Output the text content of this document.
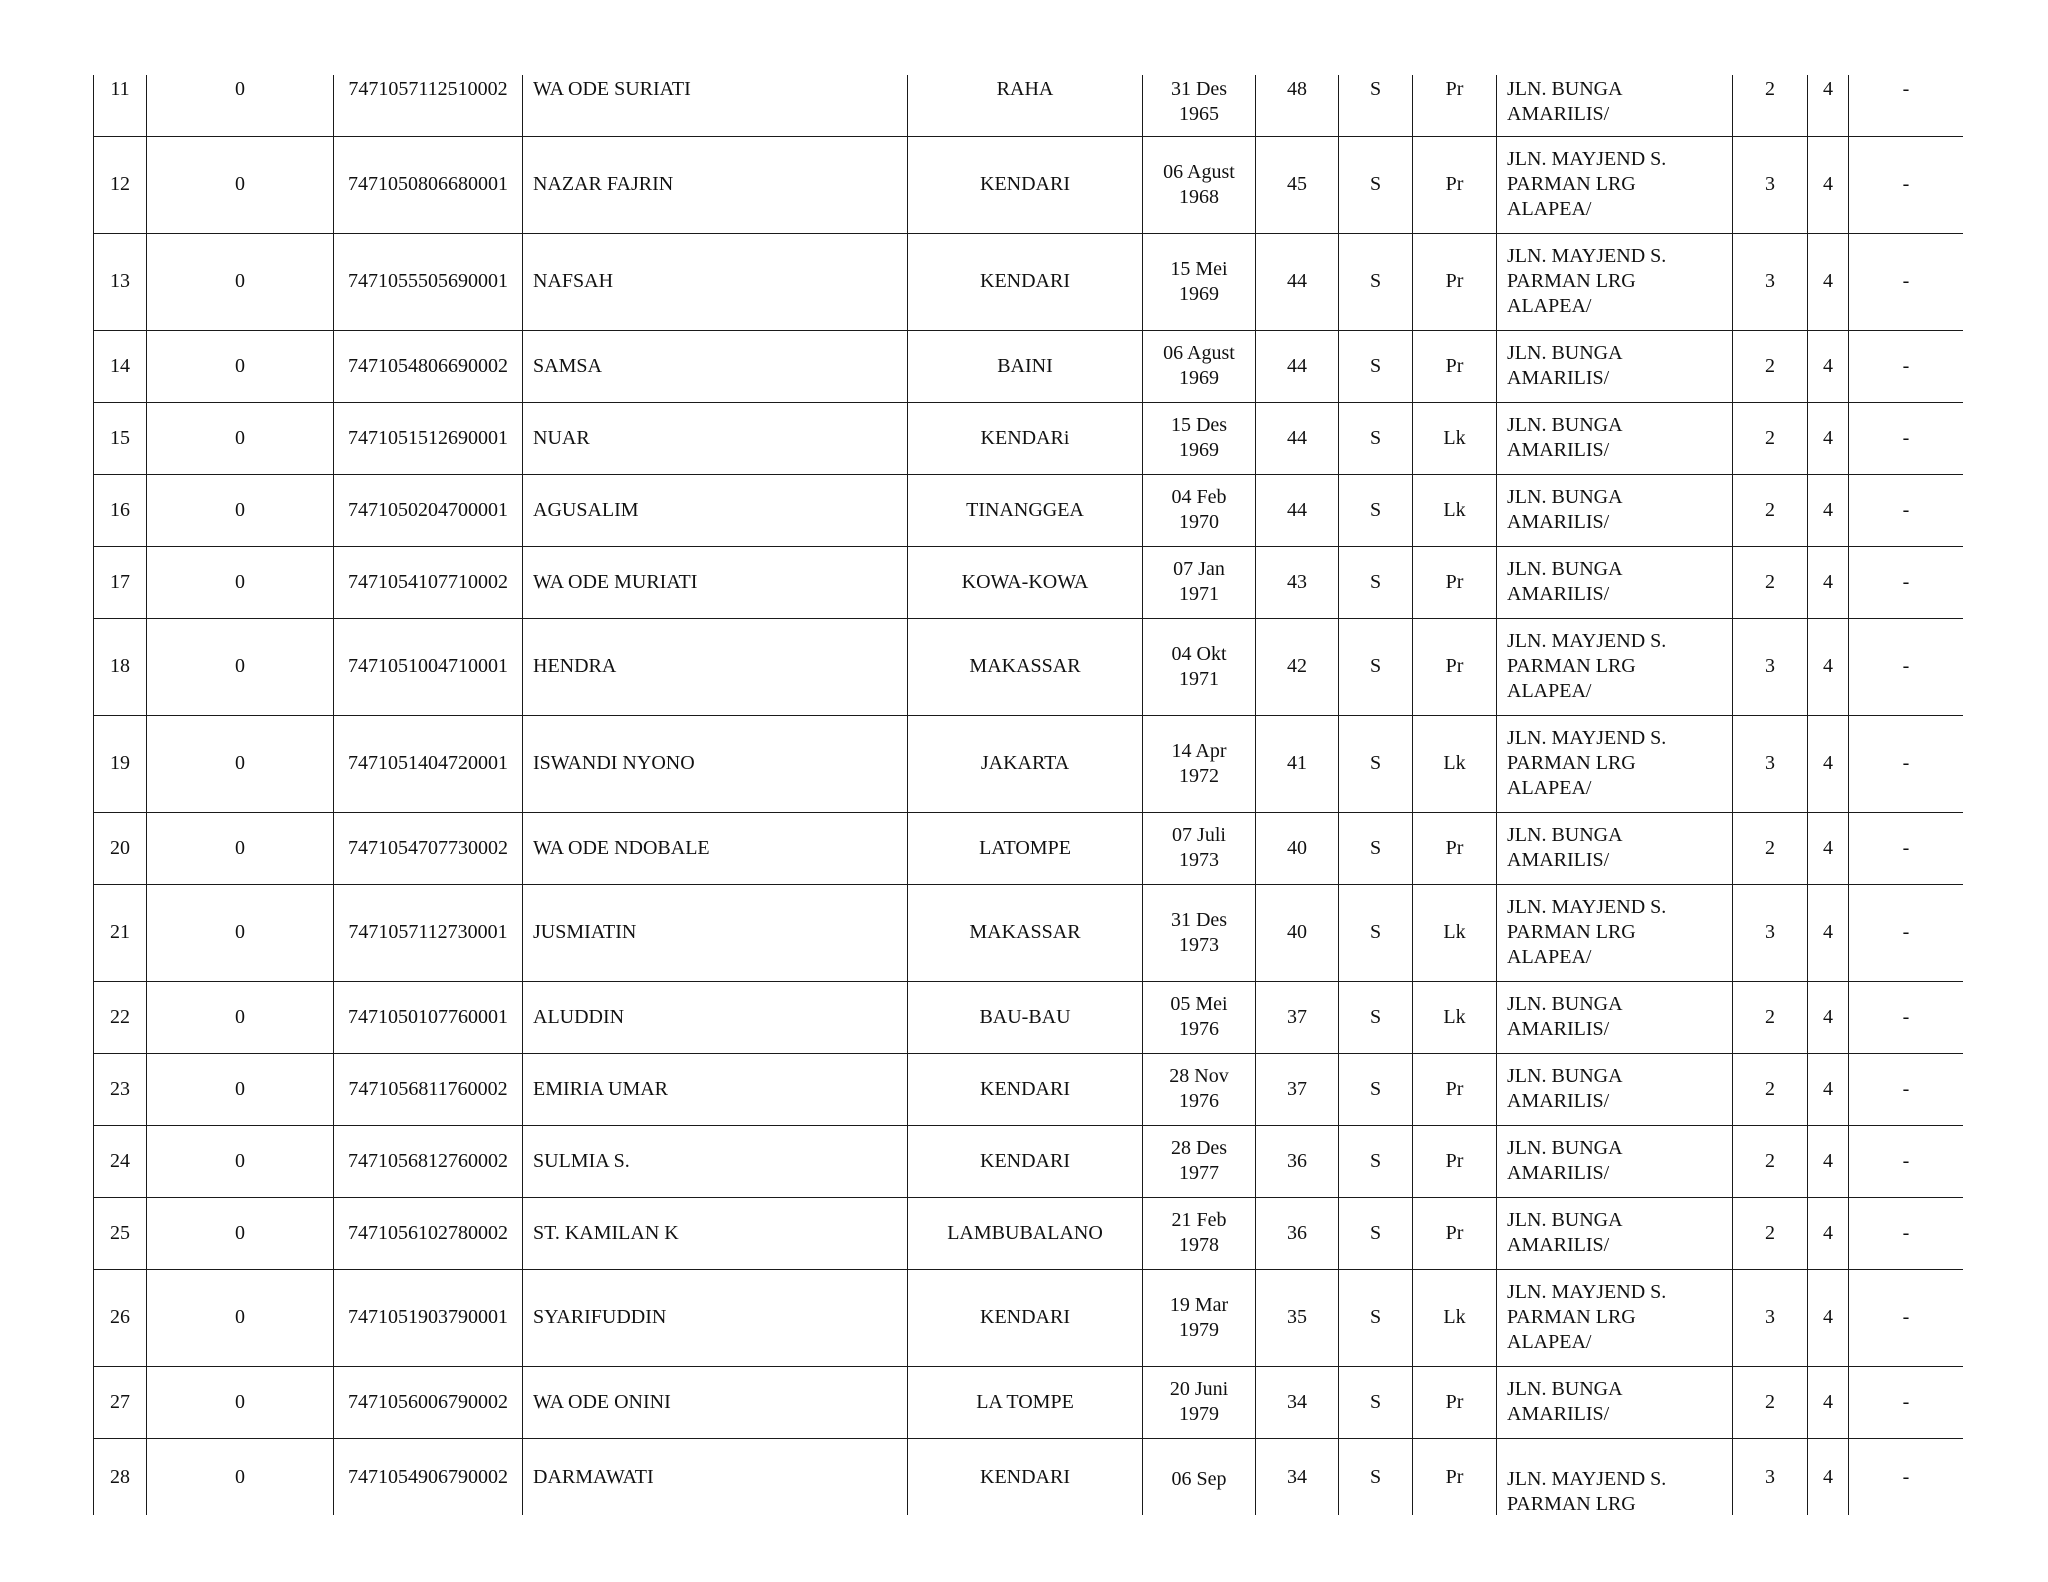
11	0	7471057112510002	WA ODE SURIATI	RAHA	31 Des 1965	48	S	Pr	JLN. BUNGA AMARILIS/	2	4	-
12	0	7471050806680001	NAZAR FAJRIN	KENDARI	06 Agust 1968	45	S	Pr	JLN. MAYJEND S. PARMAN LRG ALAPEA/	3	4	-
13	0	7471055505690001	NAFSAH	KENDARI	15 Mei 1969	44	S	Pr	JLN. MAYJEND S. PARMAN LRG ALAPEA/	3	4	-
14	0	7471054806690002	SAMSA	BAINI	06 Agust 1969	44	S	Pr	JLN. BUNGA AMARILIS/	2	4	-
15	0	7471051512690001	NUAR	KENDARi	15 Des 1969	44	S	Lk	JLN. BUNGA AMARILIS/	2	4	-
16	0	7471050204700001	AGUSALIM	TINANGGEA	04 Feb 1970	44	S	Lk	JLN. BUNGA AMARILIS/	2	4	-
17	0	7471054107710002	WA ODE MURIATI	KOWA-KOWA	07 Jan 1971	43	S	Pr	JLN. BUNGA AMARILIS/	2	4	-
18	0	7471051004710001	HENDRA	MAKASSAR	04 Okt 1971	42	S	Pr	JLN. MAYJEND S. PARMAN LRG ALAPEA/	3	4	-
19	0	7471051404720001	ISWANDI NYONO	JAKARTA	14 Apr 1972	41	S	Lk	JLN. MAYJEND S. PARMAN LRG ALAPEA/	3	4	-
20	0	7471054707730002	WA ODE NDOBALE	LATOMPE	07 Juli 1973	40	S	Pr	JLN. BUNGA AMARILIS/	2	4	-
21	0	7471057112730001	JUSMIATIN	MAKASSAR	31 Des 1973	40	S	Lk	JLN. MAYJEND S. PARMAN LRG ALAPEA/	3	4	-
22	0	7471050107760001	ALUDDIN	BAU-BAU	05 Mei 1976	37	S	Lk	JLN. BUNGA AMARILIS/	2	4	-
23	0	7471056811760002	EMIRIA UMAR	KENDARI	28 Nov 1976	37	S	Pr	JLN. BUNGA AMARILIS/	2	4	-
24	0	7471056812760002	SULMIA S.	KENDARI	28 Des 1977	36	S	Pr	JLN. BUNGA AMARILIS/	2	4	-
25	0	7471056102780002	ST. KAMILAN K	LAMBUBALANO	21 Feb 1978	36	S	Pr	JLN. BUNGA AMARILIS/	2	4	-
26	0	7471051903790001	SYARIFUDDIN	KENDARI	19 Mar 1979	35	S	Lk	JLN. MAYJEND S. PARMAN LRG ALAPEA/	3	4	-
27	0	7471056006790002	WA ODE ONINI	LA TOMPE	20 Juni 1979	34	S	Pr	JLN. BUNGA AMARILIS/	2	4	-
28	0	7471054906790002	DARMAWATI	KENDARI	06 Sep	34	S	Pr	JLN. MAYJEND S. PARMAN LRG	3	4	-
